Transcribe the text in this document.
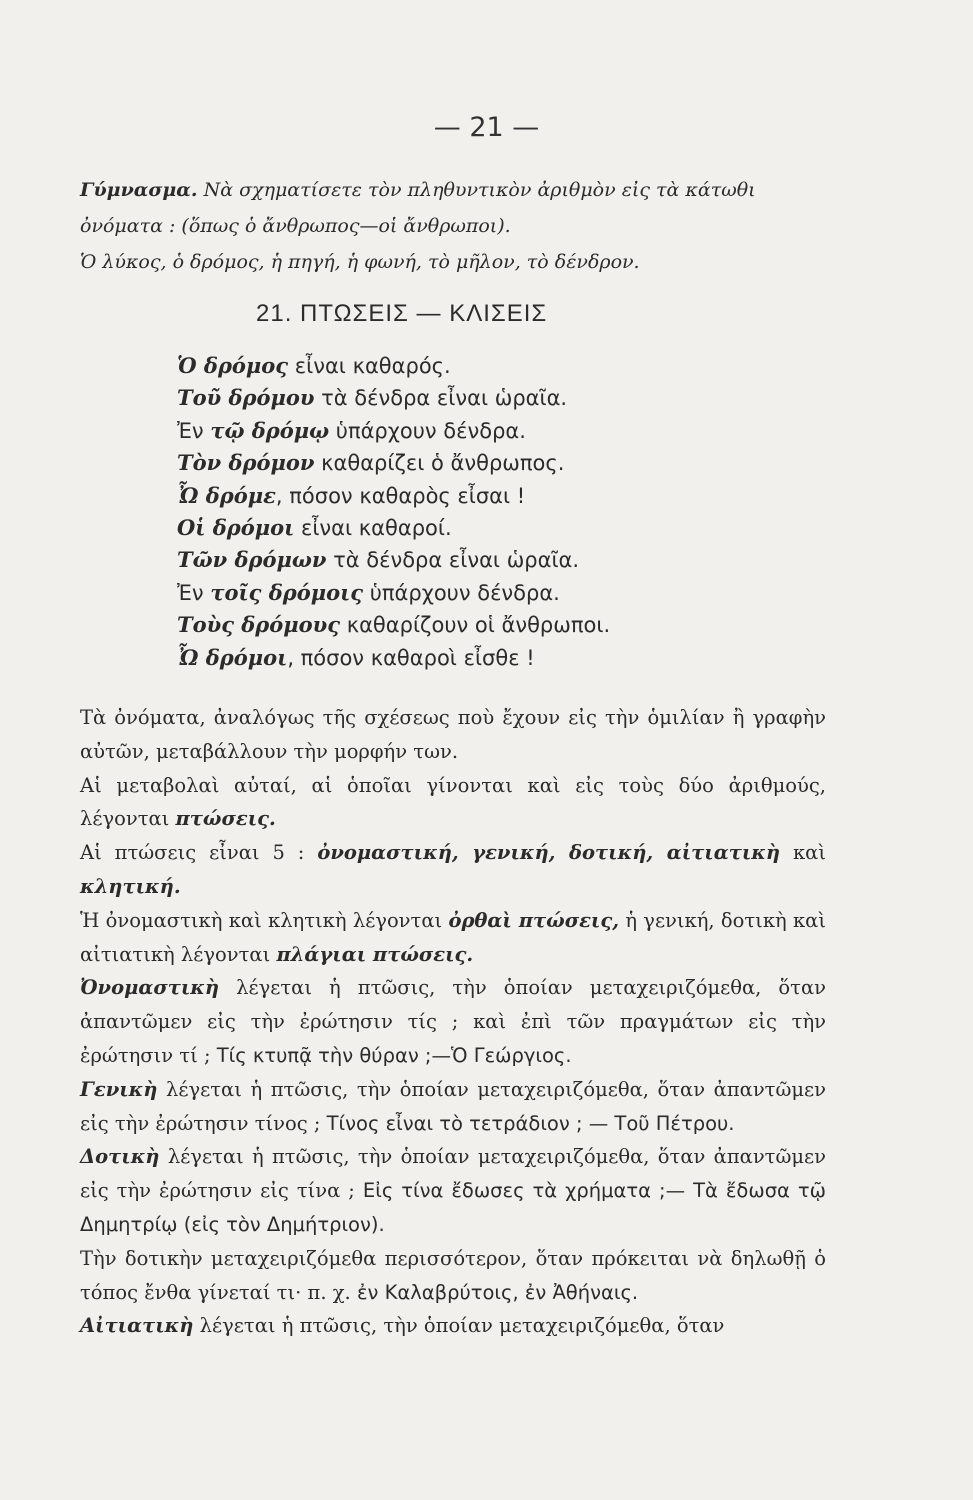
— 21 —
Γύμνασμα. Νὰ σχηματίσετε τὸν πληθυντικὸν ἀριθμὸν εἰς τὰ κάτωθι ὀνόματα : (ὅπως ὁ ἄνθρωπος—οἱ ἄνθρωποι).
Ὁ λύκος, ὁ δρόμος, ἡ πηγή, ἡ φωνή, τὸ μῆλον, τὸ δένδρον.
21. ΠΤΩΣΕΙΣ — ΚΛΙΣΕΙΣ
Ὁ δρόμος εἶναι καθαρός.
Τοῦ δρόμου τὰ δένδρα εἶναι ὡραῖα.
Ἐν τῷ δρόμῳ ὑπάρχουν δένδρα.
Τὸν δρόμον καθαρίζει ὁ ἄνθρωπος.
Ὦ δρόμε, πόσον καθαρὸς εἶσαι !
Οἱ δρόμοι εἶναι καθαροί.
Τῶν δρόμων τὰ δένδρα εἶναι ὡραῖα.
Ἐν τοῖς δρόμοις ὑπάρχουν δένδρα.
Τοὺς δρόμους καθαρίζουν οἱ ἄνθρωποι.
Ὦ δρόμοι, πόσον καθαροὶ εἶσθε !

Τὰ ὀνόματα, ἀναλόγως τῆς σχέσεως ποὺ ἔχουν εἰς τὴν ὁμιλίαν ἢ γραφὴν αὐτῶν, μεταβάλλουν τὴν μορφήν των.

Αἱ μεταβολαὶ αὐταί, αἱ ὁποῖαι γίνονται καὶ εἰς τοὺς δύο ἀριθμούς, λέγονται πτώσεις.

Αἱ πτώσεις εἶναι 5 : ὀνομαστική, γενική, δοτική, αἰτιατικὴ καὶ κλητική.

Ἡ ὀνομαστικὴ καὶ κλητικὴ λέγονται ὀρθαὶ πτώσεις, ἡ γενική, δοτικὴ καὶ αἰτιατικὴ λέγονται πλάγιαι πτώσεις.

Ὀνομαστικὴ λέγεται ἡ πτῶσις, τὴν ὁποίαν μεταχειριζόμεθα, ὅταν ἀπαντῶμεν εἰς τὴν ἐρώτησιν τίς ; καὶ ἐπὶ τῶν πραγμάτων εἰς τὴν ἐρώτησιν τί ; Τίς κτυπᾷ τὴν θύραν ;—Ὁ Γεώργιος.

Γενικὴ λέγεται ἡ πτῶσις, τὴν ὁποίαν μεταχειριζόμεθα, ὅταν ἀπαντῶμεν εἰς τὴν ἐρώτησιν τίνος ; Τίνος εἶναι τὸ τετράδιον ; — Τοῦ Πέτρου.

Δοτικὴ λέγεται ἡ πτῶσις, τὴν ὁποίαν μεταχειριζόμεθα, ὅταν ἀπαντῶμεν εἰς τὴν ἐρώτησιν εἰς τίνα ; Εἰς τίνα ἔδωσες τὰ χρήματα ;— Τὰ ἔδωσα τῷ Δημητρίῳ (εἰς τὸν Δημήτριον).

Τὴν δοτικὴν μεταχειριζόμεθα περισσότερον, ὅταν πρόκειται νὰ δηλωθῇ ὁ τόπος ἔνθα γίνεταί τι· π. χ. ἐν Καλαβρύτοις, ἐν Ἀθήναις.

Αἰτιατικὴ λέγεται ἡ πτῶσις, τὴν ὁποίαν μεταχειριζόμεθα, ὅταν
